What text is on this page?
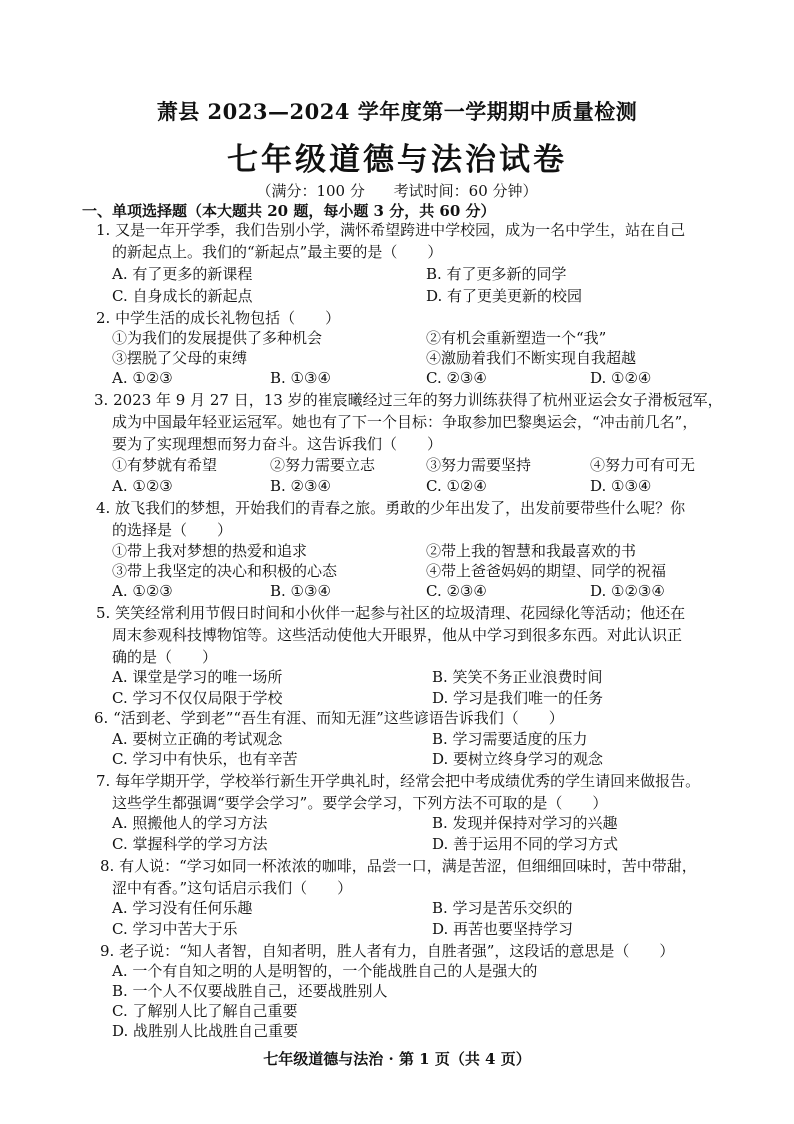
萧县 2023—2024 学年度第一学期期中质量检测
七年级道德与法治试卷
（满分：100 分 考试时间：60 分钟）
一、单项选择题（本大题共 20 题，每小题 3 分，共 60 分）
1. 又是一年开学季，我们告别小学，满怀希望跨进中学校园，成为一名中学生，站在自己
的新起点上。我们的“新起点”最主要的是（　　）
A. 有了更多的新课程	B. 有了更多新的同学
C. 自身成长的新起点	D. 有了更美更新的校园
2. 中学生活的成长礼物包括（　　）
①为我们的发展提供了多种机会	②有机会重新塑造一个“我”
③摆脱了父母的束缚	④激励着我们不断实现自我超越
A. ①②③	B. ①③④	C. ②③④	D. ①②④
3. 2023 年 9 月 27 日，13 岁的崔宸曦经过三年的努力训练获得了杭州亚运会女子滑板冠军，
成为中国最年轻亚运冠军。她也有了下一个目标：争取参加巴黎奥运会，“冲击前几名”，
要为了实现理想而努力奋斗。这告诉我们（　　）
①有梦就有希望	②努力需要立志	③努力需要坚持	④努力可有可无
A. ①②③	B. ②③④	C. ①②④	D. ①③④
4. 放飞我们的梦想，开始我们的青春之旅。勇敢的少年出发了，出发前要带些什么呢？你
的选择是（　　）
①带上我对梦想的热爱和追求	②带上我的智慧和我最喜欢的书
③带上我坚定的决心和积极的心态	④带上爸爸妈妈的期望、同学的祝福
A. ①②③	B. ①③④	C. ②③④	D. ①②③④
5. 笑笑经常利用节假日时间和小伙伴一起参与社区的垃圾清理、花园绿化等活动；他还在
周末参观科技博物馆等。这些活动使他大开眼界，他从中学习到很多东西。对此认识正
确的是（　　）
A. 课堂是学习的唯一场所	B. 笑笑不务正业浪费时间
C. 学习不仅仅局限于学校	D. 学习是我们唯一的任务
6. “活到老、学到老”“吾生有涯、而知无涯”这些谚语告诉我们（　　）
A. 要树立正确的考试观念	B. 学习需要适度的压力
C. 学习中有快乐，也有辛苦	D. 要树立终身学习的观念
7. 每年学期开学，学校举行新生开学典礼时，经常会把中考成绩优秀的学生请回来做报告。
这些学生都强调“要学会学习”。要学会学习，下列方法不可取的是（　　）
A. 照搬他人的学习方法	B. 发现并保持对学习的兴趣
C. 掌握科学的学习方法	D. 善于运用不同的学习方式
8. 有人说：“学习如同一杯浓浓的咖啡，品尝一口，满是苦涩，但细细回味时，苦中带甜，
涩中有香。”这句话启示我们（　　）
A. 学习没有任何乐趣	B. 学习是苦乐交织的
C. 学习中苦大于乐	D. 再苦也要坚持学习
9. 老子说：“知人者智，自知者明，胜人者有力，自胜者强”，这段话的意思是（　　）
A. 一个有自知之明的人是明智的，一个能战胜自己的人是强大的
B. 一个人不仅要战胜自己，还要战胜别人
C. 了解别人比了解自己重要
D. 战胜别人比战胜自己重要
七年级道德与法治 · 第 1 页（共 4 页）
